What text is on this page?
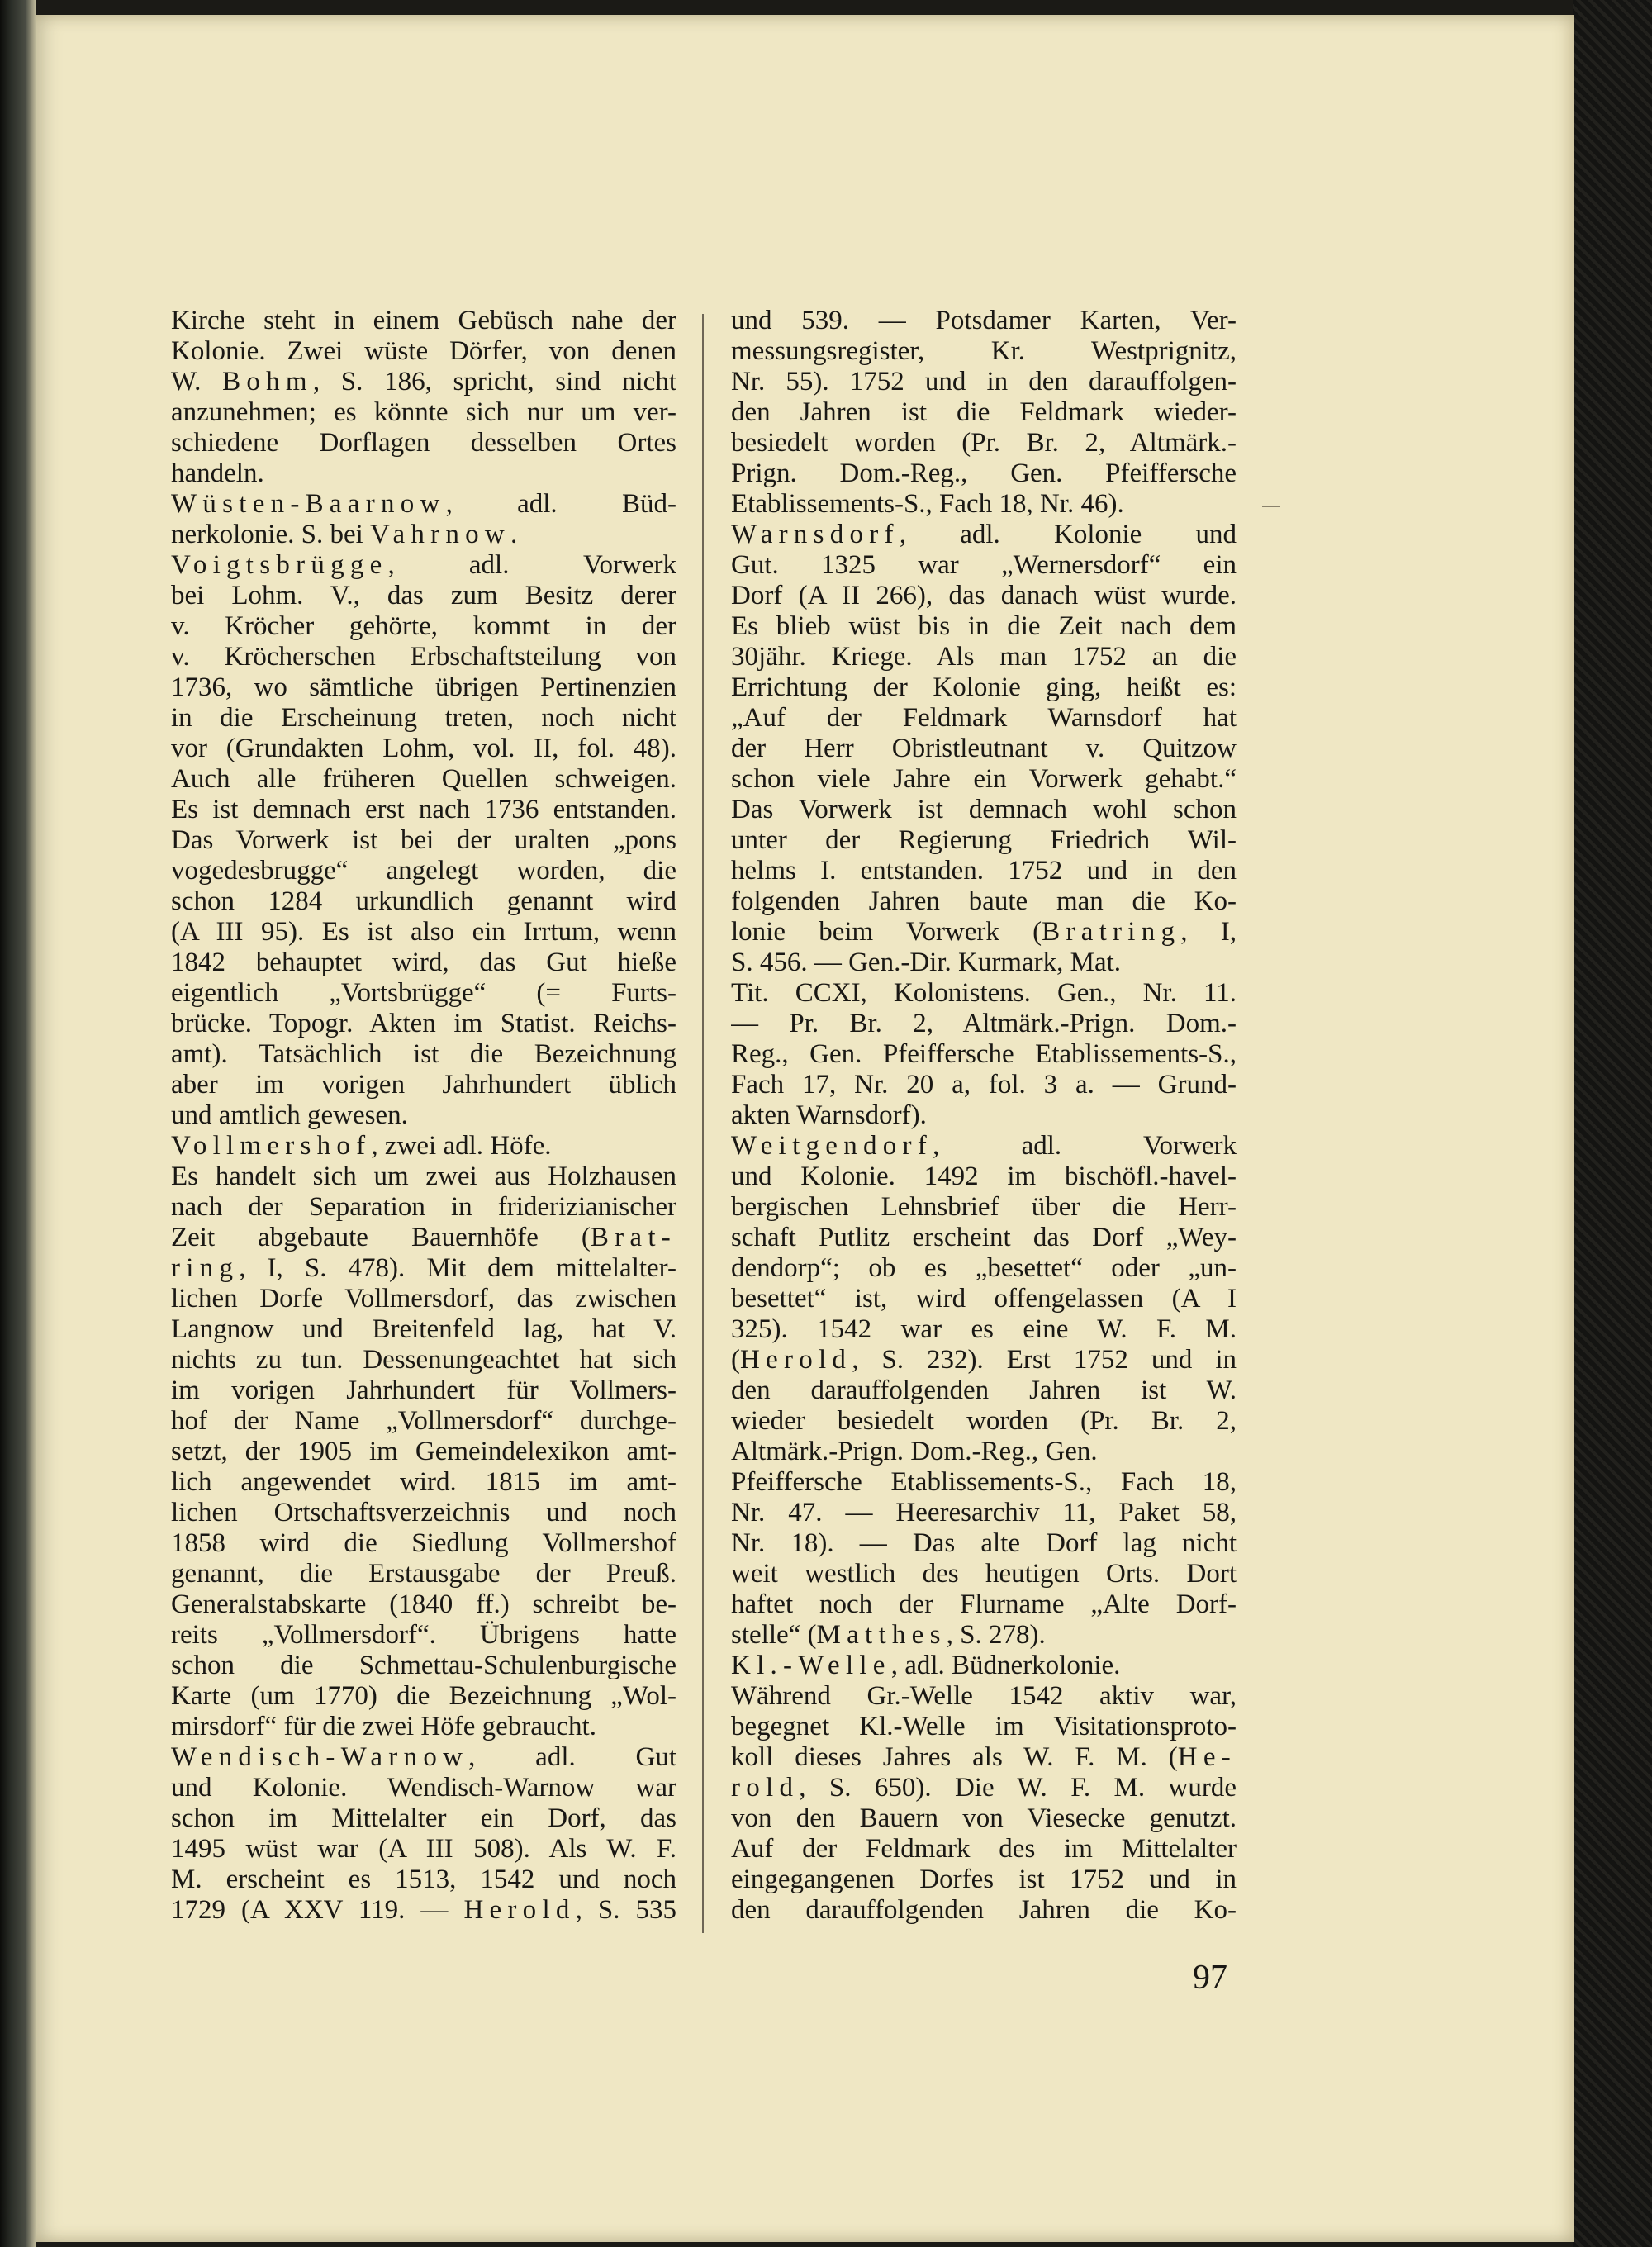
Kirche steht in einem Gebüsch nahe der
Kolonie. Zwei wüste Dörfer, von denen
W. Bohm, S. 186, spricht, sind nicht
anzunehmen; es könnte sich nur um ver-
schiedene Dorflagen desselben Ortes
handeln.
Wüsten-Baarnow, adl. Büd-
nerkolonie. S. bei Vahrnow.
Voigtsbrügge, adl. Vorwerk
bei Lohm. V., das zum Besitz derer
v. Kröcher gehörte, kommt in der
v. Kröcherschen Erbschaftsteilung von
1736, wo sämtliche übrigen Pertinenzien
in die Erscheinung treten, noch nicht
vor (Grundakten Lohm, vol. II, fol. 48).
Auch alle früheren Quellen schweigen.
Es ist demnach erst nach 1736 entstanden.
Das Vorwerk ist bei der uralten „pons
vogedesbrugge“ angelegt worden, die
schon 1284 urkundlich genannt wird
(A III 95). Es ist also ein Irrtum, wenn
1842 behauptet wird, das Gut hieße
eigentlich „Vortsbrügge“ (= Furts-
brücke. Topogr. Akten im Statist. Reichs-
amt). Tatsächlich ist die Bezeichnung
aber im vorigen Jahrhundert üblich
und amtlich gewesen.
Vollmershof, zwei adl. Höfe.
Es handelt sich um zwei aus Holzhausen
nach der Separation in friderizianischer
Zeit abgebaute Bauernhöfe (Brat-
ring, I, S. 478). Mit dem mittelalter-
lichen Dorfe Vollmersdorf, das zwischen
Langnow und Breitenfeld lag, hat V.
nichts zu tun. Dessenungeachtet hat sich
im vorigen Jahrhundert für Vollmers-
hof der Name „Vollmersdorf“ durchge-
setzt, der 1905 im Gemeindelexikon amt-
lich angewendet wird. 1815 im amt-
lichen Ortschaftsverzeichnis und noch
1858 wird die Siedlung Vollmershof
genannt, die Erstausgabe der Preuß.
Generalstabskarte (1840 ff.) schreibt be-
reits „Vollmersdorf“. Übrigens hatte
schon die Schmettau-Schulenburgische
Karte (um 1770) die Bezeichnung „Wol-
mirsdorf“ für die zwei Höfe gebraucht.
Wendisch-Warnow, adl. Gut
und Kolonie. Wendisch-Warnow war
schon im Mittelalter ein Dorf, das
1495 wüst war (A III 508). Als W. F.
M. erscheint es 1513, 1542 und noch
1729 (A XXV 119. — Herold, S. 535
und 539. — Potsdamer Karten, Ver-
messungsregister, Kr. Westprignitz,
Nr. 55). 1752 und in den darauffolgen-
den Jahren ist die Feldmark wieder-
besiedelt worden (Pr. Br. 2, Altmärk.-
Prign. Dom.-Reg., Gen. Pfeiffersche
Etablissements-S., Fach 18, Nr. 46).
Warnsdorf, adl. Kolonie und
Gut. 1325 war „Wernersdorf“ ein
Dorf (A II 266), das danach wüst wurde.
Es blieb wüst bis in die Zeit nach dem
30jähr. Kriege. Als man 1752 an die
Errichtung der Kolonie ging, heißt es:
„Auf der Feldmark Warnsdorf hat
der Herr Obristleutnant v. Quitzow
schon viele Jahre ein Vorwerk gehabt.“
Das Vorwerk ist demnach wohl schon
unter der Regierung Friedrich Wil-
helms I. entstanden. 1752 und in den
folgenden Jahren baute man die Ko-
lonie beim Vorwerk (Bratring, I,
S. 456. — Gen.-Dir. Kurmark, Mat.
Tit. CCXI, Kolonistens. Gen., Nr. 11.
— Pr. Br. 2, Altmärk.-Prign. Dom.-
Reg., Gen. Pfeiffersche Etablissements-S.,
Fach 17, Nr. 20 a, fol. 3 a. — Grund-
akten Warnsdorf).
Weitgendorf, adl. Vorwerk
und Kolonie. 1492 im bischöfl.-havel-
bergischen Lehnsbrief über die Herr-
schaft Putlitz erscheint das Dorf „Wey-
dendorp“; ob es „besettet“ oder „un-
besettet“ ist, wird offengelassen (A I
325). 1542 war es eine W. F. M.
(Herold, S. 232). Erst 1752 und in
den darauffolgenden Jahren ist W.
wieder besiedelt worden (Pr. Br. 2,
Altmärk.-Prign. Dom.-Reg., Gen.
Pfeiffersche Etablissements-S., Fach 18,
Nr. 47. — Heeresarchiv 11, Paket 58,
Nr. 18). — Das alte Dorf lag nicht
weit westlich des heutigen Orts. Dort
haftet noch der Flurname „Alte Dorf-
stelle“ (Matthes, S. 278).
Kl.-Welle, adl. Büdnerkolonie.
Während Gr.-Welle 1542 aktiv war,
begegnet Kl.-Welle im Visitationsproto-
koll dieses Jahres als W. F. M. (He-
rold, S. 650). Die W. F. M. wurde
von den Bauern von Viesecke genutzt.
Auf der Feldmark des im Mittelalter
eingegangenen Dorfes ist 1752 und in
den darauffolgenden Jahren die Ko-
97
